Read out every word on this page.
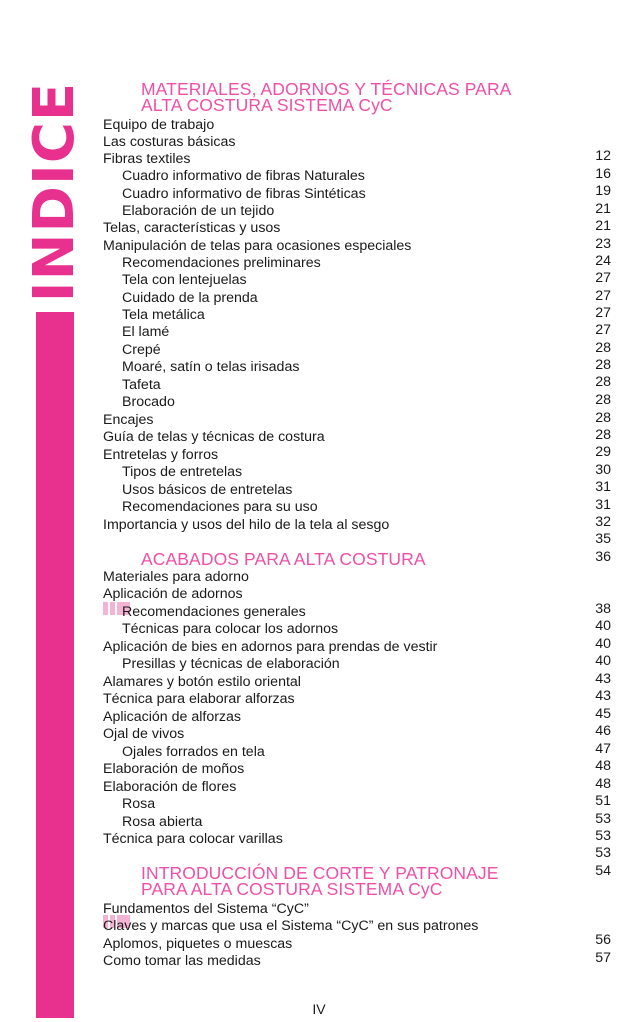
INDICE	MATERIALES, ADORNOS Y TÉCNICAS PARA
ALTA COSTURA SISTEMA CyC
ACABADOS PARA ALTA COSTURA
INTRODUCCIÓN DE CORTE Y PATRONAJE
PARA ALTA COSTURA SISTEMA CyC
Equipo de trabajo
Las costuras básicas
Fibras textiles
Cuadro informativo de fibras Naturales
Cuadro informativo de fibras Sintéticas
Elaboración de un tejido
Telas, características y usos
Manipulación de telas para ocasiones especiales
Recomendaciones preliminares
Tela con lentejuelas
Cuidado de la prenda
Tela metálica
El lamé
Crepé
Moaré, satín o telas irisadas
Tafeta
Brocado
Encajes
Guía de telas y técnicas de costura
Entretelas y forros
Tipos de entretelas
Usos básicos de entretelas
Recomendaciones para su uso
Importancia y usos del hilo de la tela al sesgo
Materiales para adorno
Aplicación de adornos
Recomendaciones generales
Técnicas para colocar los adornos
Aplicación de bies en adornos para prendas de vestir
Presillas y técnicas de elaboración
Alamares y botón estilo oriental
Técnica para elaborar alforzas
Aplicación de alforzas
Ojal de vivos
Ojales forrados en tela
Elaboración de moños
Elaboración de flores
Rosa
Rosa abierta
Técnica para colocar varillas
Fundamentos del Sistema “CyC”
Claves y marcas que usa el Sistema “CyC” en sus patrones
Aplomos, piquetes o muescas
Como tomar las medidas
12
16
19
21
21
23
24
27
27
27
27
28
28
28
28
28
28
29
30
31
31
32
35
36
38
40
40
40
43
43
45
46
47
48
48
51
53
53
53
54
56
57
IV
